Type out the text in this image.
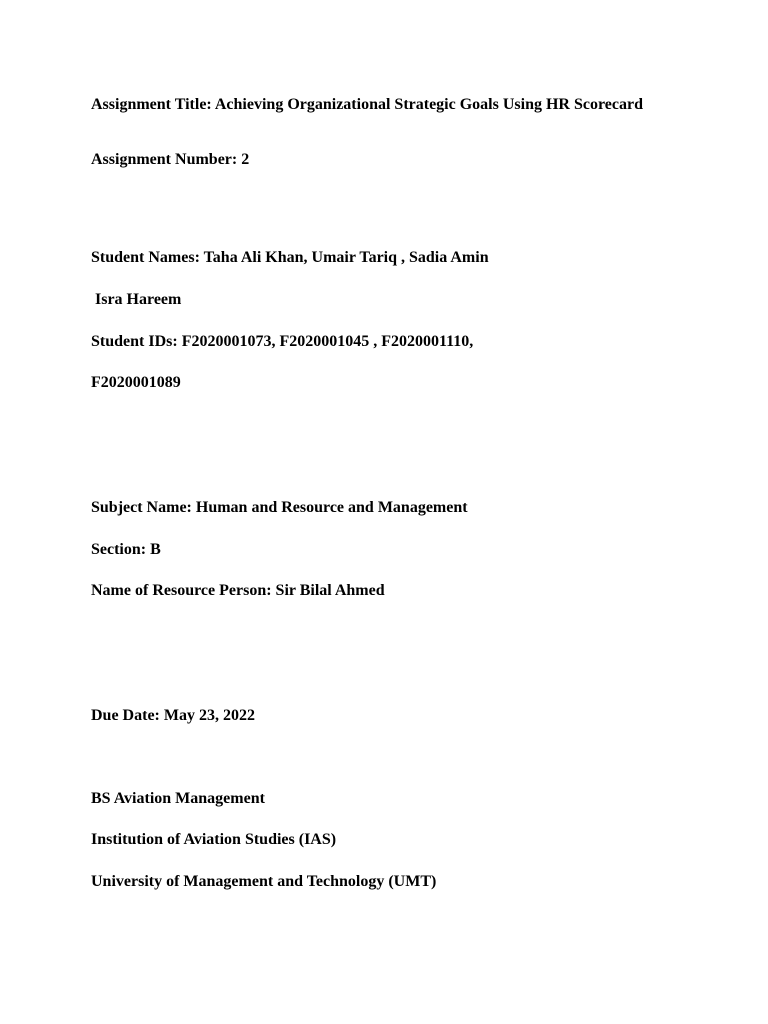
Assignment Title: Achieving Organizational Strategic Goals Using HR Scorecard

Assignment Number: 2

Student Names: Taha Ali Khan, Umair Tariq , Sadia Amin

Isra Hareem

Student IDs: F2020001073, F2020001045 , F2020001110,

F2020001089

Subject Name: Human and Resource and Management

Section: B

Name of Resource Person: Sir Bilal Ahmed

Due Date: May 23, 2022

BS Aviation Management

Institution of Aviation Studies (IAS)

University of Management and Technology (UMT)
